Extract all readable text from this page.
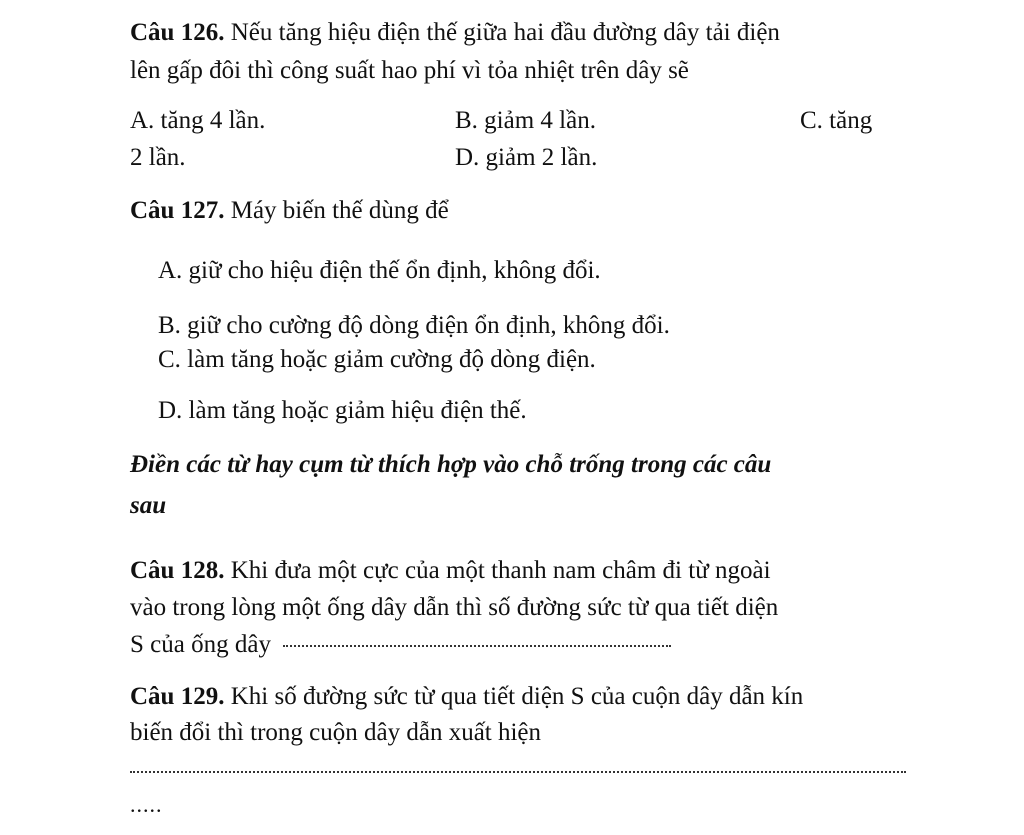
Câu 126. Nếu tăng hiệu điện thế giữa hai đầu đường dây tải điện
lên gấp đôi thì công suất hao phí vì tỏa nhiệt trên dây sẽ
A. tăng 4 lần.	B. giảm 4 lần.	C. tăng
2 lần.	D. giảm 2 lần.
Câu 127. Máy biến thế dùng để
A. giữ cho hiệu điện thế ổn định, không đổi.
B. giữ cho cường độ dòng điện ổn định, không đổi.
C. làm tăng hoặc giảm cường độ dòng điện.
D. làm tăng hoặc giảm hiệu điện thế.
Điền các từ hay cụm từ thích hợp vào chỗ trống trong các câu
sau
Câu 128. Khi đưa một cực của một thanh nam châm đi từ ngoài
vào trong lòng một ống dây dẫn thì số đường sức từ qua tiết diện
S của ống dây
Câu 129. Khi số đường sức từ qua tiết diện S của cuộn dây dẫn kín
biến đổi thì trong cuộn dây dẫn xuất hiện
.....
